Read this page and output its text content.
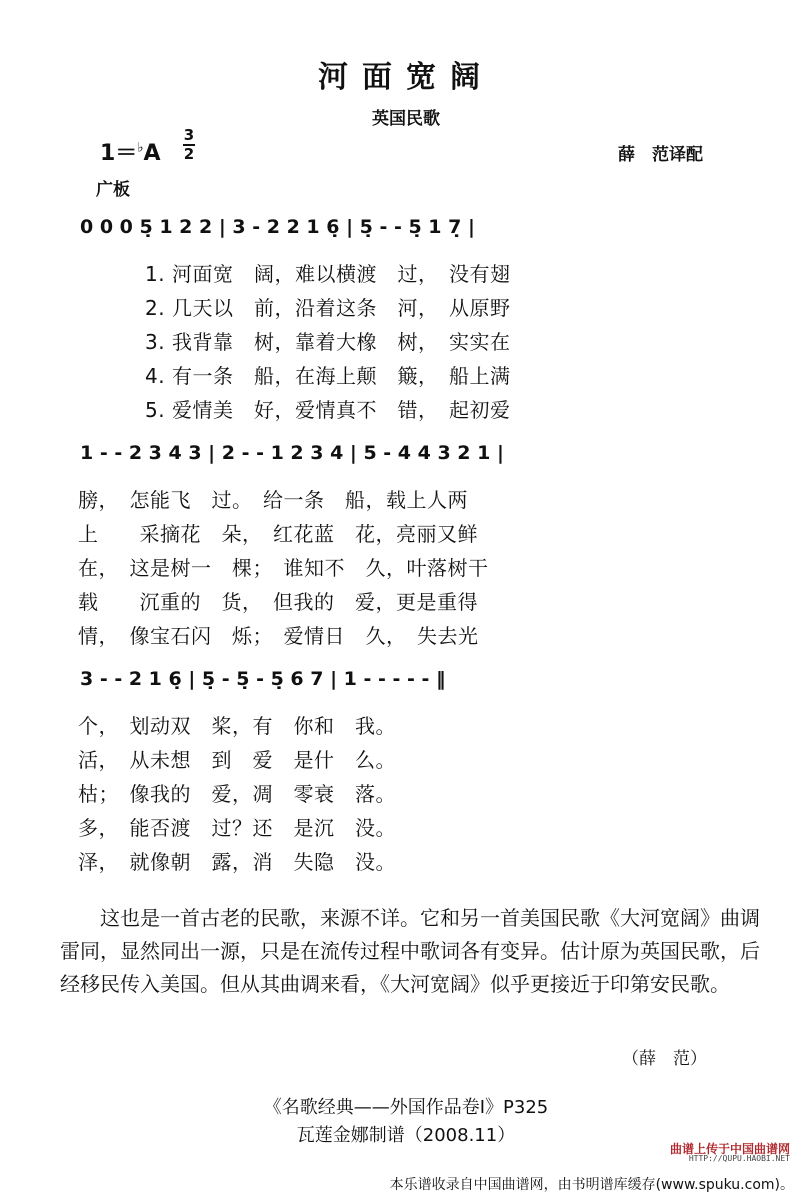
河面宽阔
英国民歌
1＝♭A
3
2	薛　范译配
广板
0 0 0 5̣ 1 2 2 | 3 - 2 2 1 6̣ | 5̣ - - 5̣ 1 7̣ |
1. 河面宽　阔，难以横渡　过，　没有翅
2. 几天以　前，沿着这条　河，　从原野
3. 我背靠　树，靠着大橡　树，　实实在
4. 有一条　船，在海上颠　簸，　船上满
5. 爱情美　好，爱情真不　错，　起初爱
1 - - 2 3 4 3 | 2 - - 1 2 3 4 | 5 - 4 4 3 2 1 |
膀，　怎能飞　过。　给一条　船，载上人两
上　　采摘花　朵，　红花蓝　花，亮丽又鲜
在，　这是树一　棵；　谁知不　久，叶落树干
载　　沉重的　货，　但我的　爱，更是重得
情，　像宝石闪　烁；　爱情日　久，　失去光
3 - - 2 1 6̣ | 5̣ - 5̣ - 5̣ 6 7 | 1 - - - - - ‖
个，　划动双　桨，有　你和　我。
活，　从未想　到　爱　是什　么。
枯；　像我的　爱，凋　零衰　落。
多，　能否渡　过？还　是沉　没。
泽，　就像朝　露，消　失隐　没。
这也是一首古老的民歌，来源不详。它和另一首美国民歌《大河宽阔》曲调雷同，显然同出一源，只是在流传过程中歌词各有变异。估计原为英国民歌，后经移民传入美国。但从其曲调来看，《大河宽阔》似乎更接近于印第安民歌。
（薛　范）
《名歌经典——外国作品卷Ⅰ》P325
瓦莲金娜制谱（2008.11）
曲谱上传于中国曲谱网
HTTP://QUPU.HAOBI.NET
本乐谱收录自中国曲谱网，由书明谱库缓存(www.spuku.com)。
